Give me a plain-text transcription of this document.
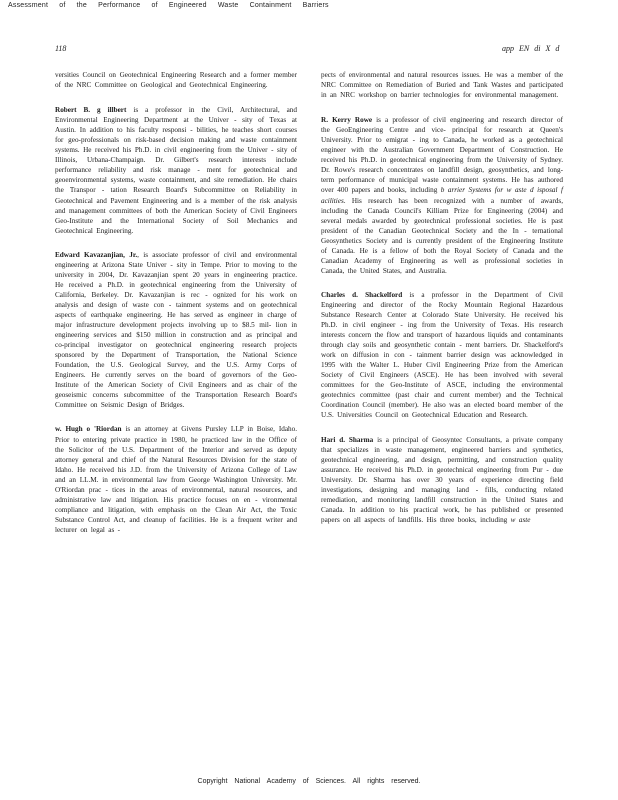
Assessment of the Performance of Engineered Waste Containment Barriers
118	app EN di X d

versities Council on Geotechnical Engineering Research and a former member of the NRC Committee on Geological and Geotechnical Engineering.

Robert B. g illbert is a professor in the Civil, Architectural, and Environmental Engineering Department at the Univer - sity of Texas at Austin. In addition to his faculty responsi - bilities, he teaches short courses for geo-professionals on risk-based decision making and waste containment systems. He received his Ph.D. in civil engineering from the Univer - sity of Illinois, Urbana-Champaign. Dr. Gilbert's research interests include performance reliability and risk manage - ment for geotechnical and geoenvironmental systems, waste containment, and site remediation. He chairs the Transpor - tation Research Board's Subcommittee on Reliability in Geotechnical and Pavement Engineering and is a member of the risk analysis and management committees of both the American Society of Civil Engineers Geo-Institute and the International Society of Soil Mechanics and Geotechnical Engineering.

Edward Kavazanjian, Jr., is associate professor of civil and environmental engineering at Arizona State Univer - sity in Tempe. Prior to moving to the university in 2004, Dr. Kavazanjian spent 20 years in engineering practice. He received a Ph.D. in geotechnical engineering from the University of California, Berkeley. Dr. Kavazanjian is rec - ognized for his work on analysis and design of waste con - tainment systems and on geotechnical aspects of earthquake engineering. He has served as engineer in charge of major infrastructure development projects involving up to $8.5 mil- lion in engineering services and $150 million in construction and as principal and co-principal investigator on geotechnical engineering research projects sponsored by the Department of Transportation, the National Science Foundation, the U.S. Geological Survey, and the U.S. Army Corps of Engineers. He currently serves on the board of governors of the Geo- Institute of the American Society of Civil Engineers and as chair of the geoseismic concerns subcommittee of the Transportation Research Board's Committee on Seismic Design of Bridges.

w. Hugh o 'Riordan is an attorney at Givens Pursley LLP in Boise, Idaho. Prior to entering private practice in 1980, he practiced law in the Office of the Solicitor of the U.S. Department of the Interior and served as deputy attorney general and chief of the Natural Resources Division for the state of Idaho. He received his J.D. from the University of Arizona College of Law and an LL.M. in environmental law from George Washington University. Mr. O'Riordan prac - tices in the areas of environmental, natural resources, and administrative law and litigation. His practice focuses on en - vironmental compliance and litigation, with emphasis on the Clean Air Act, the Toxic Substance Control Act, and cleanup of facilities. He is a frequent writer and lecturer on legal as -

pects of environmental and natural resources issues. He was a member of the NRC Committee on Remediation of Buried and Tank Wastes and participated in an NRC workshop on barrier technologies for environmental management.

R. Kerry Rowe is a professor of civil engineering and research director of the GeoEngineering Centre and vice- principal for research at Queen's University. Prior to emigrat - ing to Canada, he worked as a geotechnical engineer with the Australian Government Department of Construction. He received his Ph.D. in geotechnical engineering from the University of Sydney. Dr. Rowe's research concentrates on landfill design, geosynthetics, and long-term performance of municipal waste containment systems. He has authored over 400 papers and books, including b arrier Systems for w aste d isposal f acilities. His research has been recognized with a number of awards, including the Canada Council's Killiam Prize for Engineering (2004) and several medals awarded by geotechnical professional societies. He is past president of the Canadian Geotechnical Society and the In - ternational Geosynthetics Society and is currently president of the Engineering Institute of Canada. He is a fellow of both the Royal Society of Canada and the Canadian Academy of Engineering as well as professional societies in Canada, the United States, and Australia.

Charles d. Shackelford is a professor in the Department of Civil Engineering and director of the Rocky Mountain Regional Hazardous Substance Research Center at Colorado State University. He received his Ph.D. in civil engineer - ing from the University of Texas. His research interests concern the flow and transport of hazardous liquids and contaminants through clay soils and geosynthetic contain - ment barriers. Dr. Shackelford's work on diffusion in con - tainment barrier design was acknowledged in 1995 with the Walter L. Huber Civil Engineering Prize from the American Society of Civil Engineers (ASCE). He has been involved with several committees for the Geo-Institute of ASCE, including the environmental geotechnics committee (past chair and current member) and the Technical Coordination Council (member). He also was an elected board member of the U.S. Universities Council on Geotechnical Education and Research.

Hari d. Sharma is a principal of Geosyntec Consultants, a private company that specializes in waste management, engineered barriers and synthetics, geotechnical engineering, and design, permitting, and construction quality assurance. He received his Ph.D. in geotechnical engineering from Pur - due University. Dr. Sharma has over 30 years of experience directing field investigations, designing and managing land - fills, conducting related remediation, and monitoring landfill construction in the United States and Canada. In addition to his practical work, he has published or presented papers on all aspects of landfills. His three books, including w aste

Copyright National Academy of Sciences. All rights reserved.
